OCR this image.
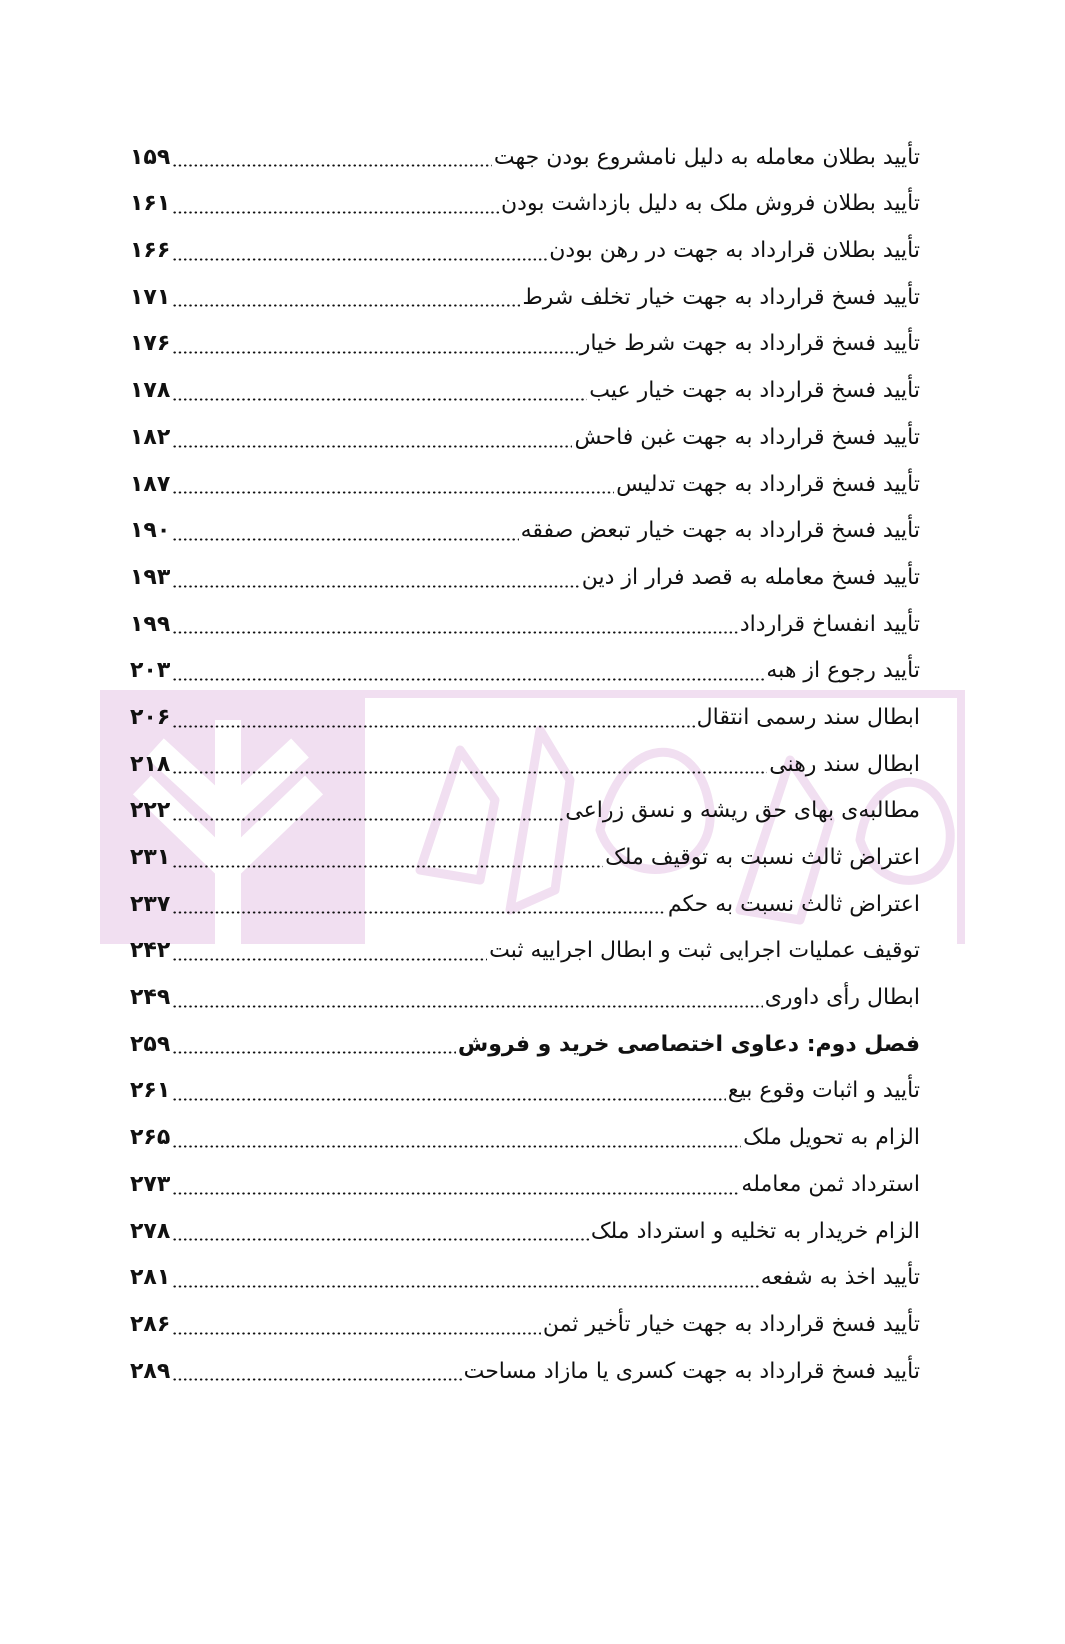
تأیید بطلان معامله به دلیل نامشروع بودن جهت
۱۵۹
تأیید بطلان فروش ملک به دلیل بازداشت بودن
۱۶۱
تأیید بطلان قرارداد به جهت در رهن بودن
۱۶۶
تأیید فسخ قرارداد به جهت خیار تخلف شرط
۱۷۱
تأیید فسخ قرارداد به جهت شرط خیار
۱۷۶
تأیید فسخ قرارداد به جهت خیار عیب
۱۷۸
تأیید فسخ قرارداد به جهت غبن فاحش
۱۸۲
تأیید فسخ قرارداد به جهت تدلیس
۱۸۷
تأیید فسخ قرارداد به جهت خیار تبعض صفقه
۱۹۰
تأیید فسخ معامله به قصد فرار از دین
۱۹۳
تأیید انفساخ قرارداد
۱۹۹
تأیید رجوع از هبه
۲۰۳
ابطال سند رسمی انتقال
۲۰۶
ابطال سند رهنی
۲۱۸
مطالبه‌ی بهای حق ریشه و نسق زراعی
۲۲۲
اعتراض ثالث نسبت به توقیف ملک
۲۳۱
اعتراض ثالث نسبت به حکم
۲۳۷
توقیف عملیات اجرایی ثبت و ابطال اجراییه ثبت
۲۴۲
ابطال رأی داوری
۲۴۹
فصل دوم: دعاوی اختصاصی خرید و فروش
۲۵۹
تأیید و اثبات وقوع بیع
۲۶۱
الزام به تحویل ملک
۲۶۵
استرداد ثمن معامله
۲۷۳
الزام خریدار به تخلیه و استرداد ملک
۲۷۸
تأیید اخذ به شفعه
۲۸۱
تأیید فسخ قرارداد به جهت خیار تأخیر ثمن
۲۸۶
تأیید فسخ قرارداد به جهت کسری یا مازاد مساحت
۲۸۹
